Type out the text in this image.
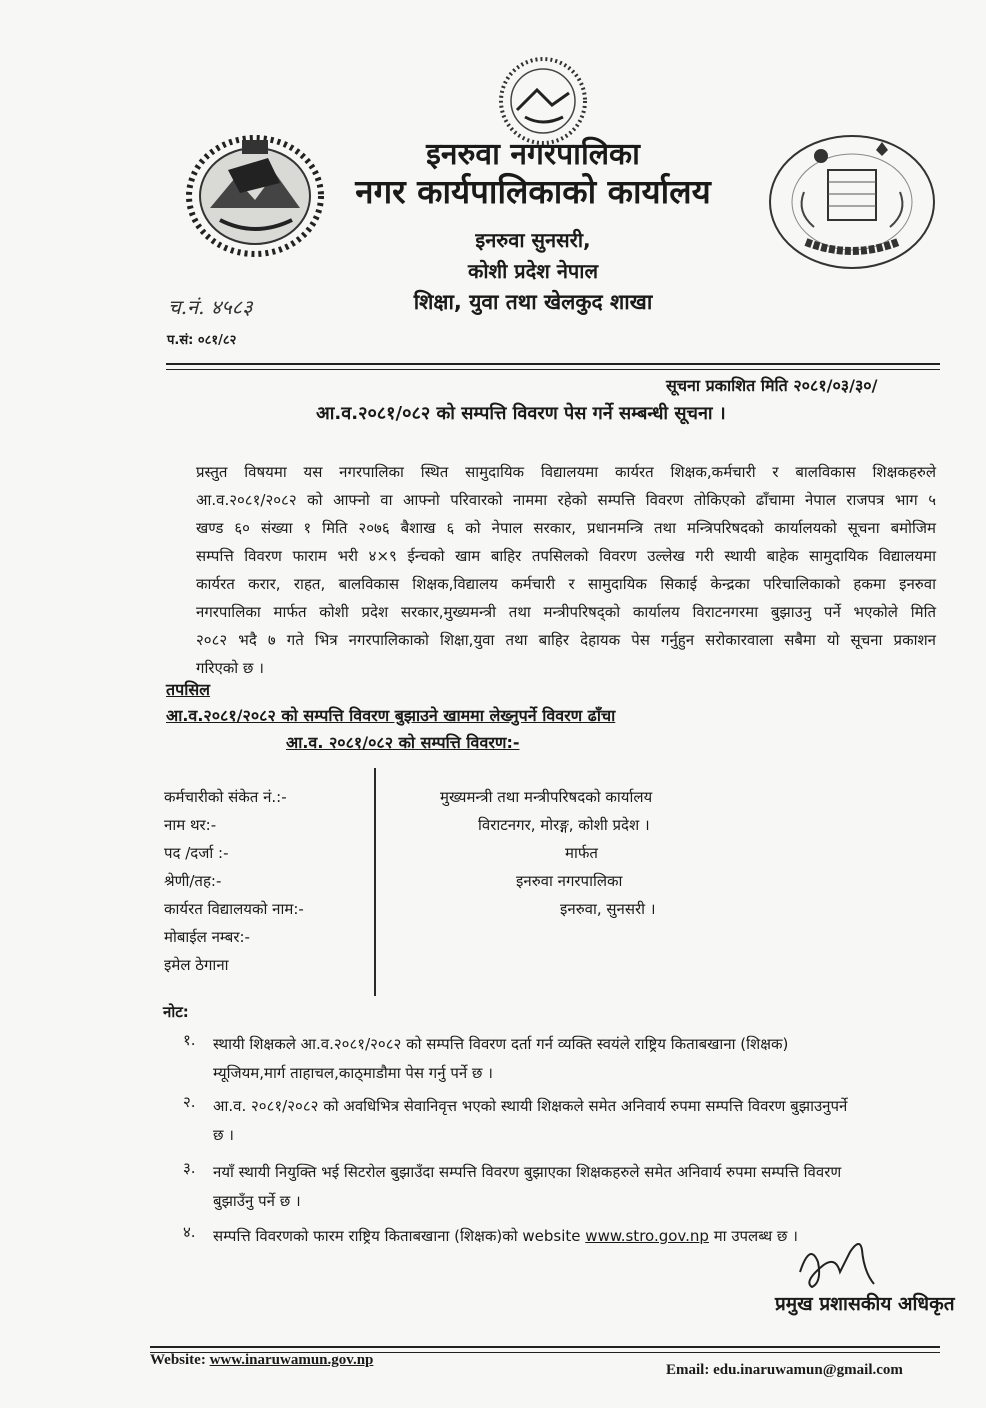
इनरुवा नगरपालिका
नगर कार्यपालिकाको कार्यालय
इनरुवा सुनसरी,
कोशी प्रदेश नेपाल
शिक्षा, युवा तथा खेलकुद शाखा
च.नं. ४५८३
प.सं: ०८१/८२
सूचना प्रकाशित मिति २०८१/०३/३०/
आ.व.२०८१/०८२ को सम्पत्ति विवरण पेस गर्ने सम्बन्धी सूचना ।
प्रस्तुत विषयमा यस नगरपालिका स्थित सामुदायिक विद्यालयमा कार्यरत शिक्षक,कर्मचारी र बालविकास शिक्षकहरुले
आ.व.२०८१/२०८२ को आफ्नो वा आफ्नो परिवारको नाममा रहेको सम्पत्ति विवरण तोकिएको ढाँचामा नेपाल राजपत्र भाग ५
खण्ड ६० संख्या १ मिति २०७६ बैशाख ६ को नेपाल सरकार, प्रधानमन्त्रि तथा मन्त्रिपरिषदको कार्यालयको सूचना बमोजिम
सम्पत्ति विवरण फाराम भरी ४×९ ईन्चको खाम बाहिर तपसिलको विवरण उल्लेख गरी स्थायी बाहेक सामुदायिक विद्यालयमा
कार्यरत करार, राहत, बालविकास शिक्षक,विद्यालय कर्मचारी र सामुदायिक सिकाई केन्द्रका परिचालिकाको हकमा इनरुवा
नगरपालिका मार्फत कोशी प्रदेश सरकार,मुख्यमन्त्री तथा मन्त्रीपरिषद्को कार्यालय विराटनगरमा बुझाउनु पर्ने भएकोले मिति
२०८२ भदै ७ गते भित्र नगरपालिकाको शिक्षा,युवा तथा बाहिर देहायक पेस गर्नुहुन सरोकारवाला सबैमा यो सूचना प्रकाशन
गरिएको छ ।
तपसिल
आ.व.२०८१/२०८२ को सम्पत्ति विवरण बुझाउने खाममा लेख्नुपर्ने विवरण ढाँचा
आ.व. २०८१/०८२ को सम्पत्ति विवरण:-
कर्मचारीको संकेत नं.:-
नाम थर:-
पद /दर्जा :-
श्रेणी/तह:-
कार्यरत विद्यालयको नाम:-
मोबाईल नम्बर:-
इमेल ठेगाना
मुख्यमन्त्री तथा मन्त्रीपरिषदको कार्यालय
विराटनगर, मोरङ्ग, कोशी प्रदेश ।
मार्फत
इनरुवा नगरपालिका
इनरुवा, सुनसरी ।
नोट:
१. स्थायी शिक्षकले आ.व.२०८१/२०८२ को सम्पत्ति विवरण दर्ता गर्न व्यक्ति स्वयंले राष्ट्रिय किताबखाना (शिक्षक)
म्यूजियम,मार्ग ताहाचल,काठ्माडौमा पेस गर्नु पर्ने छ ।
२. आ.व. २०८१/२०८२ को अवधिभित्र सेवानिवृत्त भएको स्थायी शिक्षकले समेत अनिवार्य रुपमा सम्पत्ति विवरण बुझाउनुपर्ने
छ ।
३. नयाँ स्थायी नियुक्ति भई सिटरोल बुझाउँदा सम्पत्ति विवरण बुझाएका शिक्षकहरुले समेत अनिवार्य रुपमा सम्पत्ति विवरण
बुझाउँनु पर्ने छ ।
४. सम्पत्ति विवरणको फारम राष्ट्रिय किताबखाना (शिक्षक)को website www.stro.gov.np मा उपलब्ध छ ।
प्रमुख प्रशासकीय अधिकृत
Website: www.inaruwamun.gov.np
Email: edu.inaruwamun@gmail.com
